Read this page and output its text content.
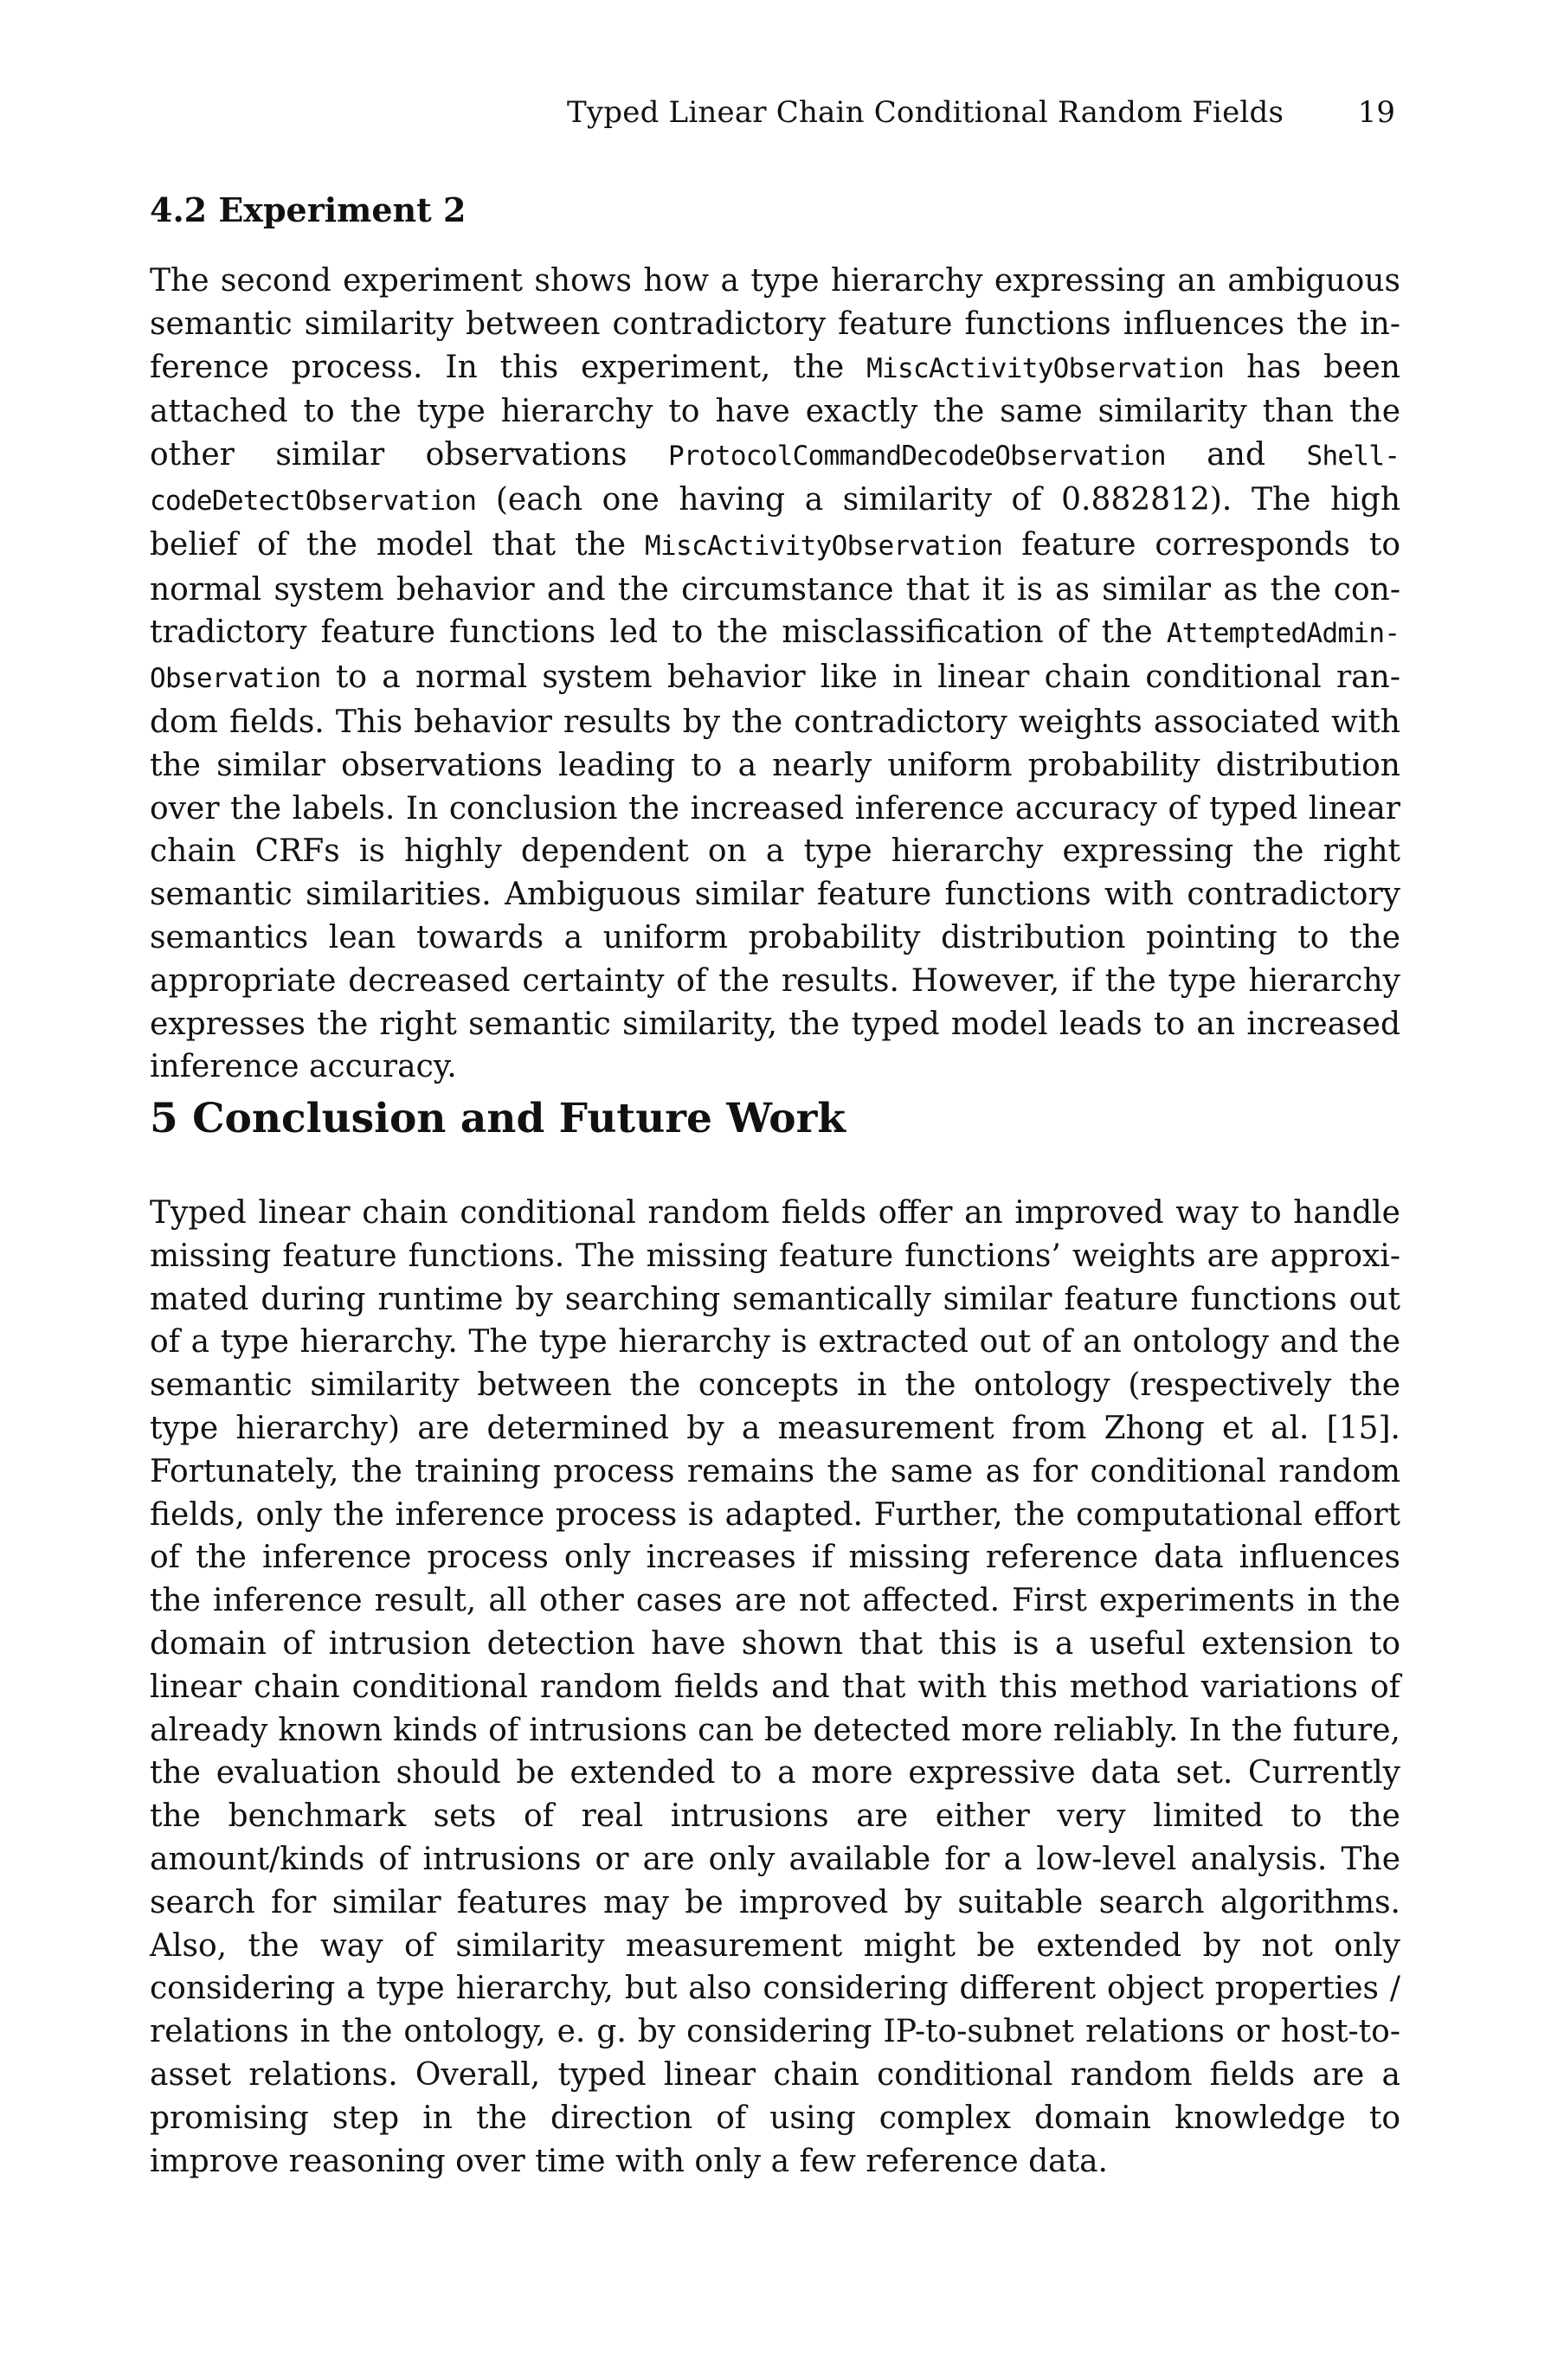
Typed Linear Chain Conditional Random Fields	19
4.2 Experiment 2

The second experiment shows how a type hierarchy expressing an ambiguous semantic similarity between contradictory feature functions influences the inference process. In this experiment, the MiscActivityObservation has been attached to the type hierarchy to have exactly the same similarity than the other similar observations ProtocolCommandDecodeObservation and ShellcodeDetectObservation (each one having a similarity of 0.882812). The high belief of the model that the MiscActivityObservation feature corresponds to normal system behavior and the circumstance that it is as similar as the contradictory feature functions led to the misclassification of the AttemptedAdminObservation to a normal system behavior like in linear chain conditional random fields. This behavior results by the contradictory weights associated with the similar observations leading to a nearly uniform probability distribution over the labels. In conclusion the increased inference accuracy of typed linear chain CRFs is highly dependent on a type hierarchy expressing the right semantic similarities. Ambiguous similar feature functions with contradictory semantics lean towards a uniform probability distribution pointing to the appropriate decreased certainty of the results. However, if the type hierarchy expresses the right semantic similarity, the typed model leads to an increased inference accuracy.

5 Conclusion and Future Work

Typed linear chain conditional random fields offer an improved way to handle missing feature functions. The missing feature functions’ weights are approximated during runtime by searching semantically similar feature functions out of a type hierarchy. The type hierarchy is extracted out of an ontology and the semantic similarity between the concepts in the ontology (respectively the type hierarchy) are determined by a measurement from Zhong et al. [15]. Fortunately, the training process remains the same as for conditional random fields, only the inference process is adapted. Further, the computational effort of the inference process only increases if missing reference data influences the inference result, all other cases are not affected. First experiments in the domain of intrusion detection have shown that this is a useful extension to linear chain conditional random fields and that with this method variations of already known kinds of intrusions can be detected more reliably. In the future, the evaluation should be extended to a more expressive data set. Currently the benchmark sets of real intrusions are either very limited to the amount/kinds of intrusions or are only available for a low-level analysis. The search for similar features may be improved by suitable search algorithms. Also, the way of similarity measurement might be extended by not only considering a type hierarchy, but also considering different object properties / relations in the ontology, e. g. by considering IP-to-subnet relations or host-to-asset relations. Overall, typed linear chain conditional random fields are a promising step in the direction of using complex domain knowledge to improve reasoning over time with only a few reference data.
